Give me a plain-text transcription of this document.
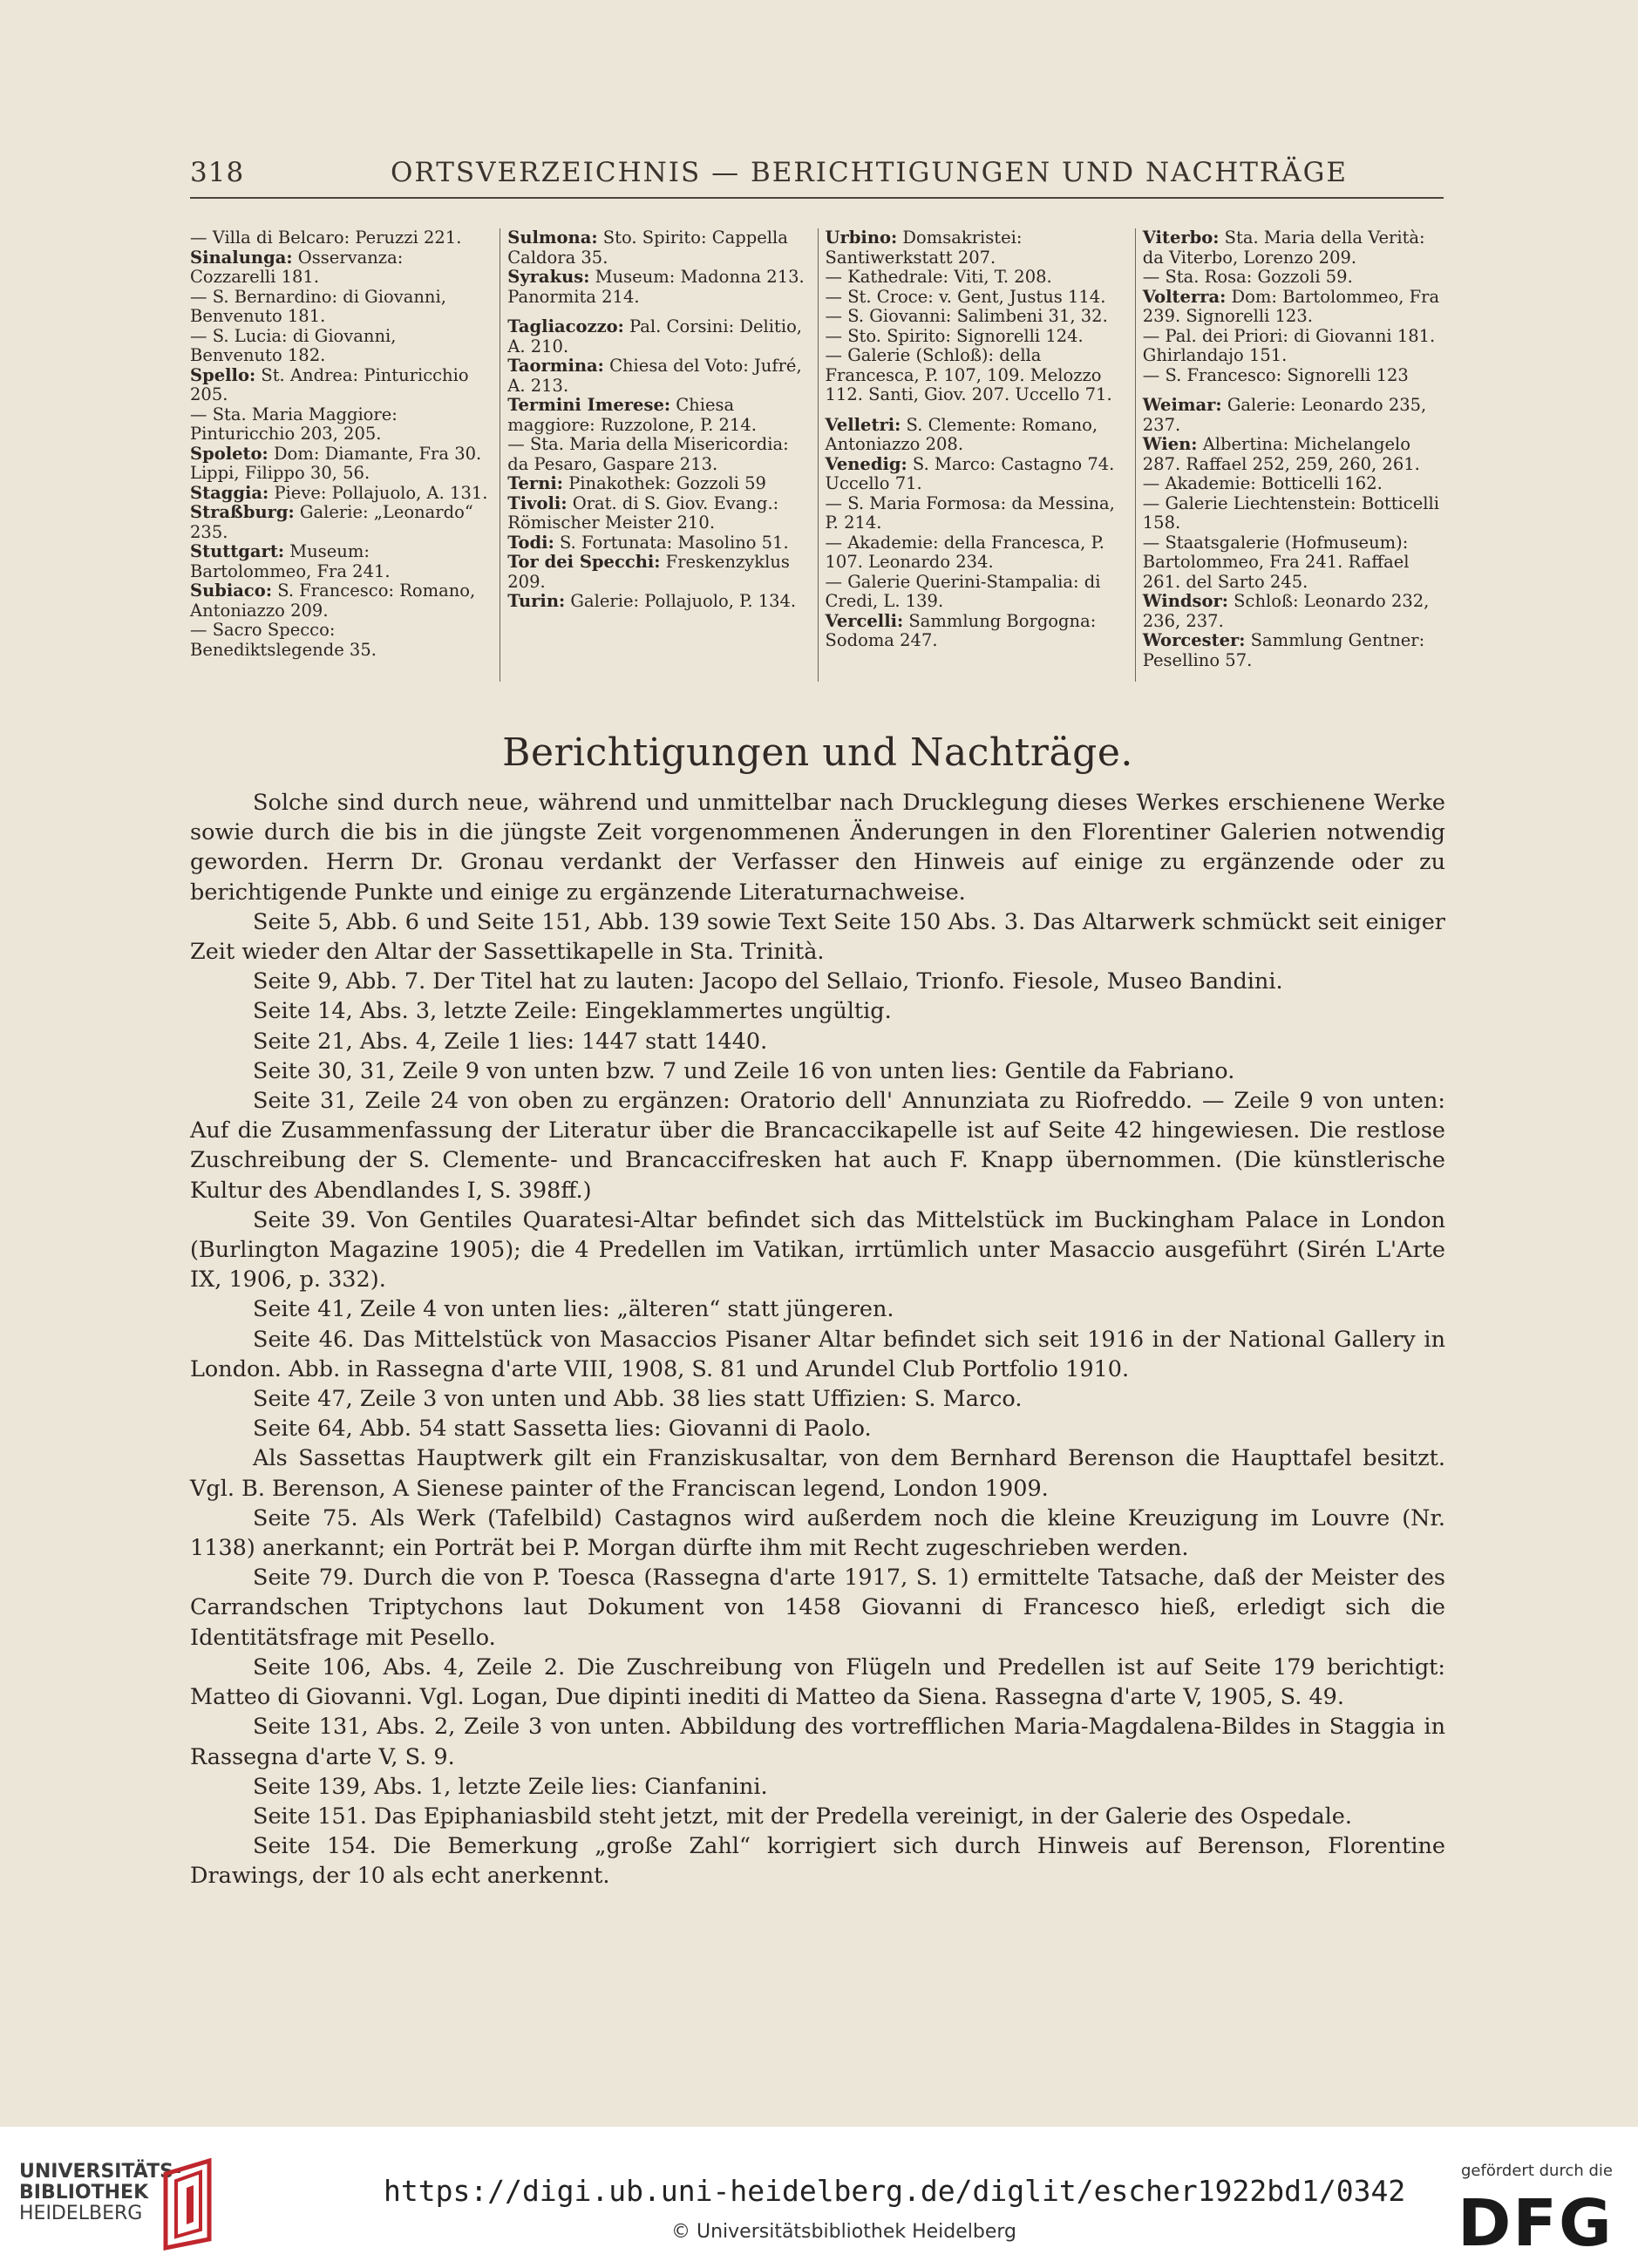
318	ORTSVERZEICHNIS — BERICHTIGUNGEN UND NACHTRÄGE

— Villa di Belcaro: Peruzzi 221.

Sinalunga: Osservanza: Cozzarelli 181.

— S. Bernardino: di Giovanni, Benvenuto 181.

— S. Lucia: di Giovanni, Benvenuto 182.

Spello: St. Andrea: Pinturicchio 205.

— Sta. Maria Maggiore: Pinturicchio 203, 205.

Spoleto: Dom: Diamante, Fra 30. Lippi, Filippo 30, 56.

Staggia: Pieve: Pollajuolo, A. 131.

Straßburg: Galerie: „Leonardo“ 235.

Stuttgart: Museum: Bartolommeo, Fra 241.

Subiaco: S. Francesco: Romano, Antoniazzo 209.

— Sacro Specco: Benediktslegende 35.

Sulmona: Sto. Spirito: Cappella Caldora 35.

Syrakus: Museum: Madonna 213. Panormita 214.

Tagliacozzo: Pal. Corsini: Delitio, A. 210.

Taormina: Chiesa del Voto: Jufré, A. 213.

Termini Imerese: Chiesa maggiore: Ruzzolone, P. 214.

— Sta. Maria della Misericordia: da Pesaro, Gaspare 213.

Terni: Pinakothek: Gozzoli 59

Tivoli: Orat. di S. Giov. Evang.: Römischer Meister 210.

Todi: S. Fortunata: Masolino 51.

Tor dei Specchi: Freskenzyklus 209.

Turin: Galerie: Pollajuolo, P. 134.

Urbino: Domsakristei: Santiwerkstatt 207.

— Kathedrale: Viti, T. 208.

— St. Croce: v. Gent, Justus 114.

— S. Giovanni: Salimbeni 31, 32.

— Sto. Spirito: Signorelli 124.

— Galerie (Schloß): della Francesca, P. 107, 109. Melozzo 112. Santi, Giov. 207. Uccello 71.

Velletri: S. Clemente: Romano, Antoniazzo 208.

Venedig: S. Marco: Castagno 74. Uccello 71.

— S. Maria Formosa: da Messina, P. 214.

— Akademie: della Francesca, P. 107. Leonardo 234.

— Galerie Querini-Stampalia: di Credi, L. 139.

Vercelli: Sammlung Borgogna: Sodoma 247.

Viterbo: Sta. Maria della Verità: da Viterbo, Lorenzo 209.

— Sta. Rosa: Gozzoli 59.

Volterra: Dom: Bartolommeo, Fra 239. Signorelli 123.

— Pal. dei Priori: di Giovanni 181. Ghirlandajo 151.

— S. Francesco: Signorelli 123

Weimar: Galerie: Leonardo 235, 237.

Wien: Albertina: Michelangelo 287. Raffael 252, 259, 260, 261.

— Akademie: Botticelli 162.

— Galerie Liechtenstein: Botticelli 158.

— Staatsgalerie (Hofmuseum): Bartolommeo, Fra 241. Raffael 261. del Sarto 245.

Windsor: Schloß: Leonardo 232, 236, 237.

Worcester: Sammlung Gentner: Pesellino 57.

Berichtigungen und Nachträge.

Solche sind durch neue, während und unmittelbar nach Drucklegung dieses Werkes erschienene Werke sowie durch die bis in die jüngste Zeit vorgenommenen Änderungen in den Florentiner Galerien notwendig geworden. Herrn Dr. Gronau verdankt der Verfasser den Hinweis auf einige zu ergänzende oder zu berichtigende Punkte und einige zu ergänzende Literaturnachweise.

Seite 5, Abb. 6 und Seite 151, Abb. 139 sowie Text Seite 150 Abs. 3. Das Altarwerk schmückt seit einiger Zeit wieder den Altar der Sassettikapelle in Sta. Trinità.

Seite 9, Abb. 7. Der Titel hat zu lauten: Jacopo del Sellaio, Trionfo. Fiesole, Museo Bandini.

Seite 14, Abs. 3, letzte Zeile: Eingeklammertes ungültig.

Seite 21, Abs. 4, Zeile 1 lies: 1447 statt 1440.

Seite 30, 31, Zeile 9 von unten bzw. 7 und Zeile 16 von unten lies: Gentile da Fabriano.

Seite 31, Zeile 24 von oben zu ergänzen: Oratorio dell' Annunziata zu Riofreddo. — Zeile 9 von unten: Auf die Zusammenfassung der Literatur über die Brancaccikapelle ist auf Seite 42 hingewiesen. Die restlose Zuschreibung der S. Clemente- und Brancaccifresken hat auch F. Knapp übernommen. (Die künstlerische Kultur des Abendlandes I, S. 398ff.)

Seite 39. Von Gentiles Quaratesi-Altar befindet sich das Mittelstück im Buckingham Palace in London (Burlington Magazine 1905); die 4 Predellen im Vatikan, irrtümlich unter Masaccio ausgeführt (Sirén L'Arte IX, 1906, p. 332).

Seite 41, Zeile 4 von unten lies: „älteren“ statt jüngeren.

Seite 46. Das Mittelstück von Masaccios Pisaner Altar befindet sich seit 1916 in der National Gallery in London. Abb. in Rassegna d'arte VIII, 1908, S. 81 und Arundel Club Portfolio 1910.

Seite 47, Zeile 3 von unten und Abb. 38 lies statt Uffizien: S. Marco.

Seite 64, Abb. 54 statt Sassetta lies: Giovanni di Paolo.

Als Sassettas Hauptwerk gilt ein Franziskusaltar, von dem Bernhard Berenson die Haupttafel besitzt. Vgl. B. Berenson, A Sienese painter of the Franciscan legend, London 1909.

Seite 75. Als Werk (Tafelbild) Castagnos wird außerdem noch die kleine Kreuzigung im Louvre (Nr. 1138) anerkannt; ein Porträt bei P. Morgan dürfte ihm mit Recht zugeschrieben werden.

Seite 79. Durch die von P. Toesca (Rassegna d'arte 1917, S. 1) ermittelte Tatsache, daß der Meister des Carrandschen Triptychons laut Dokument von 1458 Giovanni di Francesco hieß, erledigt sich die Identitätsfrage mit Pesello.

Seite 106, Abs. 4, Zeile 2. Die Zuschreibung von Flügeln und Predellen ist auf Seite 179 berichtigt: Matteo di Giovanni. Vgl. Logan, Due dipinti inediti di Matteo da Siena. Rassegna d'arte V, 1905, S. 49.

Seite 131, Abs. 2, Zeile 3 von unten. Abbildung des vortrefflichen Maria-Magdalena-Bildes in Staggia in Rassegna d'arte V, S. 9.

Seite 139, Abs. 1, letzte Zeile lies: Cianfanini.

Seite 151. Das Epiphaniasbild steht jetzt, mit der Predella vereinigt, in der Galerie des Ospedale.

Seite 154. Die Bemerkung „große Zahl“ korrigiert sich durch Hinweis auf Berenson, Florentine Drawings, der 10 als echt anerkennt.

UNIVERSITÄTS-
BIBLIOTHEK
HEIDELBERG
https://digi.ub.uni-heidelberg.de/diglit/escher1922bd1/0342
© Universitätsbibliothek Heidelberg
gefördert durch die
DFG
